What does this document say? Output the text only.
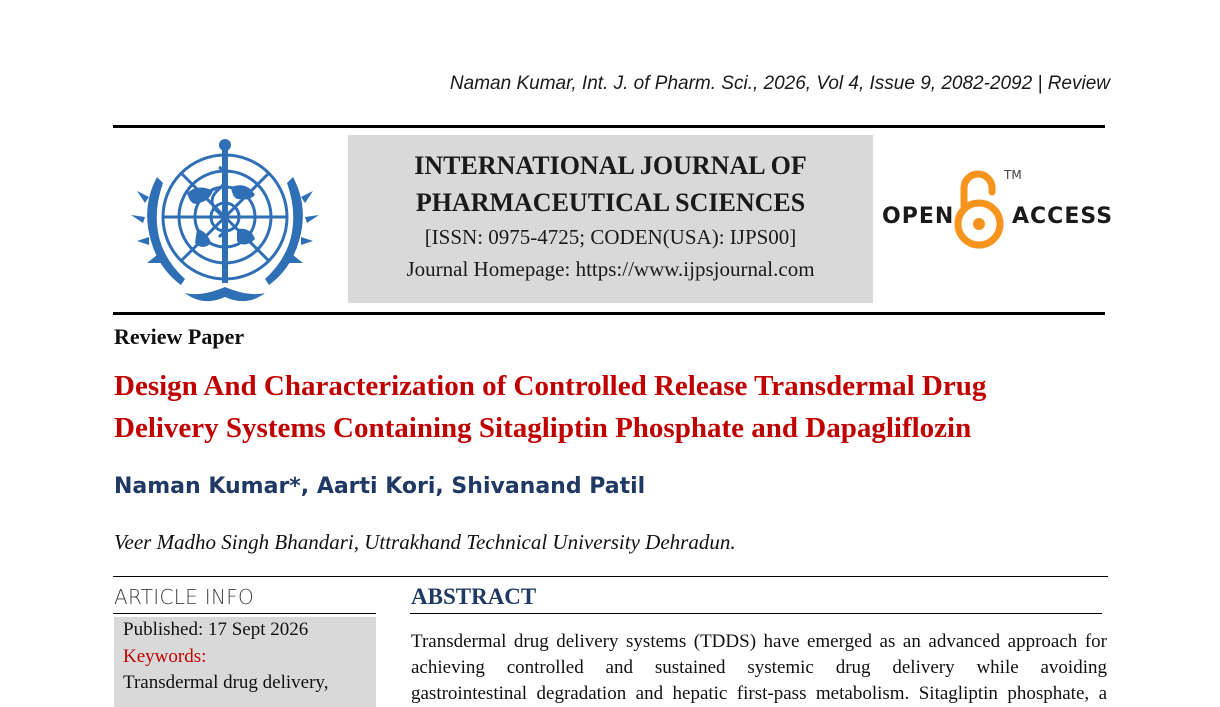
Naman Kumar, Int. J. of Pharm. Sci., 2026, Vol 4, Issue 9, 2082-2092 | Review
INTERNATIONAL JOURNAL OF
PHARMACEUTICAL SCIENCES
[ISSN: 0975-4725; CODEN(USA): IJPS00]
Journal Homepage: https://www.ijpsjournal.com
OPEN
TM
ACCESS
Review Paper
Design And Characterization of Controlled Release Transdermal Drug
Delivery Systems Containing Sitagliptin Phosphate and Dapagliflozin
Naman Kumar*, Aarti Kori, Shivanand Patil
Veer Madho Singh Bhandari, Uttrakhand Technical University Dehradun.
ARTICLE INFO
Published: 17 Sept 2026
Keywords:
Transdermal drug delivery,
ABSTRACT
Transdermal drug delivery systems (TDDS) have emerged as an advanced approach for
achieving controlled and sustained systemic drug delivery while avoiding
gastrointestinal degradation and hepatic first-pass metabolism. Sitagliptin phosphate, a
